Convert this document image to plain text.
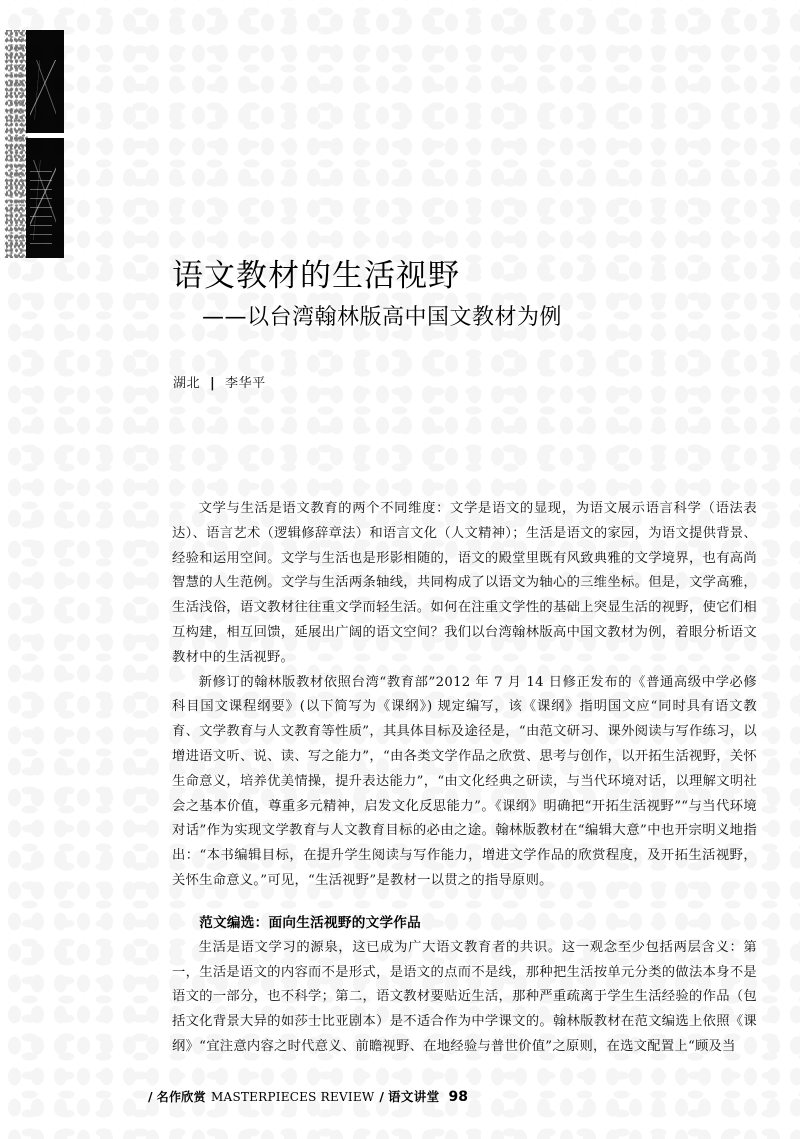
语文教材的生活视野
——以台湾翰林版高中国文教材为例
湖北 | 李华平

文学与生活是语文教育的两个不同维度：文学是语文的显现，为语文展示语言科学（语法表达）、语言艺术（逻辑修辞章法）和语言文化（人文精神）；生活是语文的家园，为语文提供背景、经验和运用空间。文学与生活也是形影相随的，语文的殿堂里既有风致典雅的文学境界，也有高尚智慧的人生范例。文学与生活两条轴线，共同构成了以语文为轴心的三维坐标。但是，文学高雅，生活浅俗，语文教材往往重文学而轻生活。如何在注重文学性的基础上突显生活的视野，使它们相互构建，相互回馈，延展出广阔的语文空间？我们以台湾翰林版高中国文教材为例，着眼分析语文教材中的生活视野。

新修订的翰林版教材依照台湾“教育部”2012 年 7 月 14 日修正发布的《普通高级中学必修科目国文课程纲要》(以下简写为《课纲》) 规定编写，该《课纲》指明国文应“同时具有语文教育、文学教育与人文教育等性质”，其具体目标及途径是，“由范文研习、课外阅读与写作练习，以增进语文听、说、读、写之能力”，“由各类文学作品之欣赏、思考与创作，以开拓生活视野，关怀生命意义，培养优美情操，提升表达能力”，“由文化经典之研读，与当代环境对话，以理解文明社会之基本价值，尊重多元精神，启发文化反思能力”。《课纲》明确把“开拓生活视野”“与当代环境对话”作为实现文学教育与人文教育目标的必由之途。翰林版教材在“编辑大意”中也开宗明义地指出：“本书编辑目标，在提升学生阅读与写作能力，增进文学作品的欣赏程度，及开拓生活视野，关怀生命意义。”可见，“生活视野”是教材一以贯之的指导原则。

范文编选：面向生活视野的文学作品

生活是语文学习的源泉，这已成为广大语文教育者的共识。这一观念至少包括两层含义：第一，生活是语文的内容而不是形式，是语文的点而不是线，那种把生活按单元分类的做法本身不是语文的一部分，也不科学；第二，语文教材要贴近生活，那种严重疏离于学生生活经验的作品（包括文化背景大异的如莎士比亚剧本）是不适合作为中学课文的。翰林版教材在范文编选上依照《课纲》“宜注意内容之时代意义、前瞻视野、在地经验与普世价值”之原则，在选文配置上“顾及当

/ 名作欣赏 MASTERPIECES REVIEW / 语文讲堂 98
